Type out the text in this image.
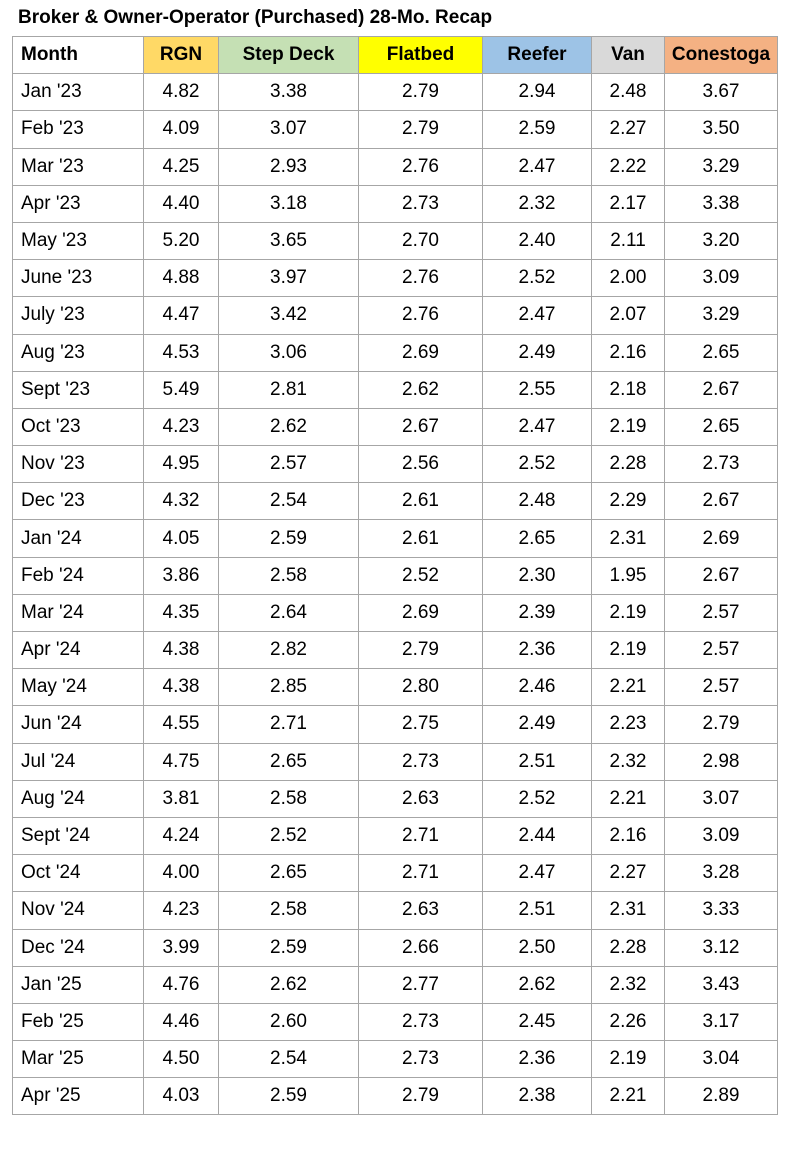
Broker & Owner-Operator (Purchased) 28-Mo. Recap
Month	RGN	Step Deck	Flatbed	Reefer	Van	Conestoga
Jan '23	4.82	3.38	2.79	2.94	2.48	3.67
Feb '23	4.09	3.07	2.79	2.59	2.27	3.50
Mar '23	4.25	2.93	2.76	2.47	2.22	3.29
Apr '23	4.40	3.18	2.73	2.32	2.17	3.38
May '23	5.20	3.65	2.70	2.40	2.11	3.20
June '23	4.88	3.97	2.76	2.52	2.00	3.09
July '23	4.47	3.42	2.76	2.47	2.07	3.29
Aug '23	4.53	3.06	2.69	2.49	2.16	2.65
Sept '23	5.49	2.81	2.62	2.55	2.18	2.67
Oct '23	4.23	2.62	2.67	2.47	2.19	2.65
Nov '23	4.95	2.57	2.56	2.52	2.28	2.73
Dec '23	4.32	2.54	2.61	2.48	2.29	2.67
Jan '24	4.05	2.59	2.61	2.65	2.31	2.69
Feb '24	3.86	2.58	2.52	2.30	1.95	2.67
Mar '24	4.35	2.64	2.69	2.39	2.19	2.57
Apr '24	4.38	2.82	2.79	2.36	2.19	2.57
May '24	4.38	2.85	2.80	2.46	2.21	2.57
Jun '24	4.55	2.71	2.75	2.49	2.23	2.79
Jul '24	4.75	2.65	2.73	2.51	2.32	2.98
Aug '24	3.81	2.58	2.63	2.52	2.21	3.07
Sept '24	4.24	2.52	2.71	2.44	2.16	3.09
Oct '24	4.00	2.65	2.71	2.47	2.27	3.28
Nov '24	4.23	2.58	2.63	2.51	2.31	3.33
Dec '24	3.99	2.59	2.66	2.50	2.28	3.12
Jan '25	4.76	2.62	2.77	2.62	2.32	3.43
Feb '25	4.46	2.60	2.73	2.45	2.26	3.17
Mar '25	4.50	2.54	2.73	2.36	2.19	3.04
Apr '25	4.03	2.59	2.79	2.38	2.21	2.89
